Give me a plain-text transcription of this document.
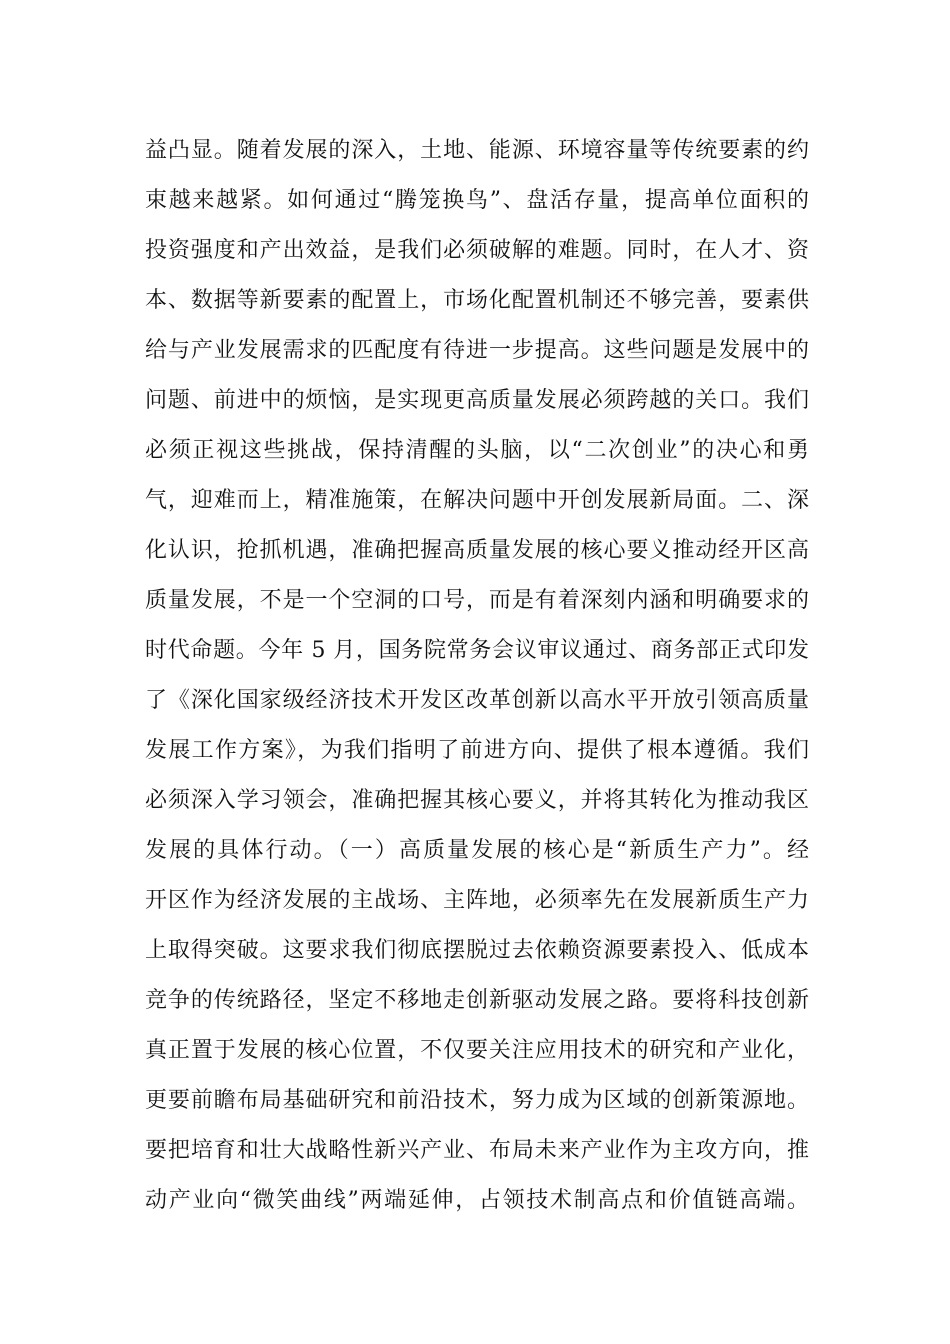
益凸显。随着发展的深入，土地、能源、环境容量等传统要素的约
束越来越紧。如何通过“腾笼换鸟”、盘活存量，提高单位面积的
投资强度和产出效益，是我们必须破解的难题。同时，在人才、资
本、数据等新要素的配置上，市场化配置机制还不够完善，要素供
给与产业发展需求的匹配度有待进一步提高。这些问题是发展中的
问题、前进中的烦恼，是实现更高质量发展必须跨越的关口。我们
必须正视这些挑战，保持清醒的头脑，以“二次创业”的决心和勇
气，迎难而上，精准施策，在解决问题中开创发展新局面。二、深
化认识，抢抓机遇，准确把握高质量发展的核心要义推动经开区高
质量发展，不是一个空洞的口号，而是有着深刻内涵和明确要求的
时代命题。今年 5 月，国务院常务会议审议通过、商务部正式印发
了《深化国家级经济技术开发区改革创新以高水平开放引领高质量
发展工作方案》，为我们指明了前进方向、提供了根本遵循。我们
必须深入学习领会，准确把握其核心要义，并将其转化为推动我区
发展的具体行动。（一）高质量发展的核心是“新质生产力”。经
开区作为经济发展的主战场、主阵地，必须率先在发展新质生产力
上取得突破。这要求我们彻底摆脱过去依赖资源要素投入、低成本
竞争的传统路径，坚定不移地走创新驱动发展之路。要将科技创新
真正置于发展的核心位置，不仅要关注应用技术的研究和产业化，
更要前瞻布局基础研究和前沿技术，努力成为区域的创新策源地。
要把培育和壮大战略性新兴产业、布局未来产业作为主攻方向，推
动产业向“微笑曲线”两端延伸，占领技术制高点和价值链高端。
